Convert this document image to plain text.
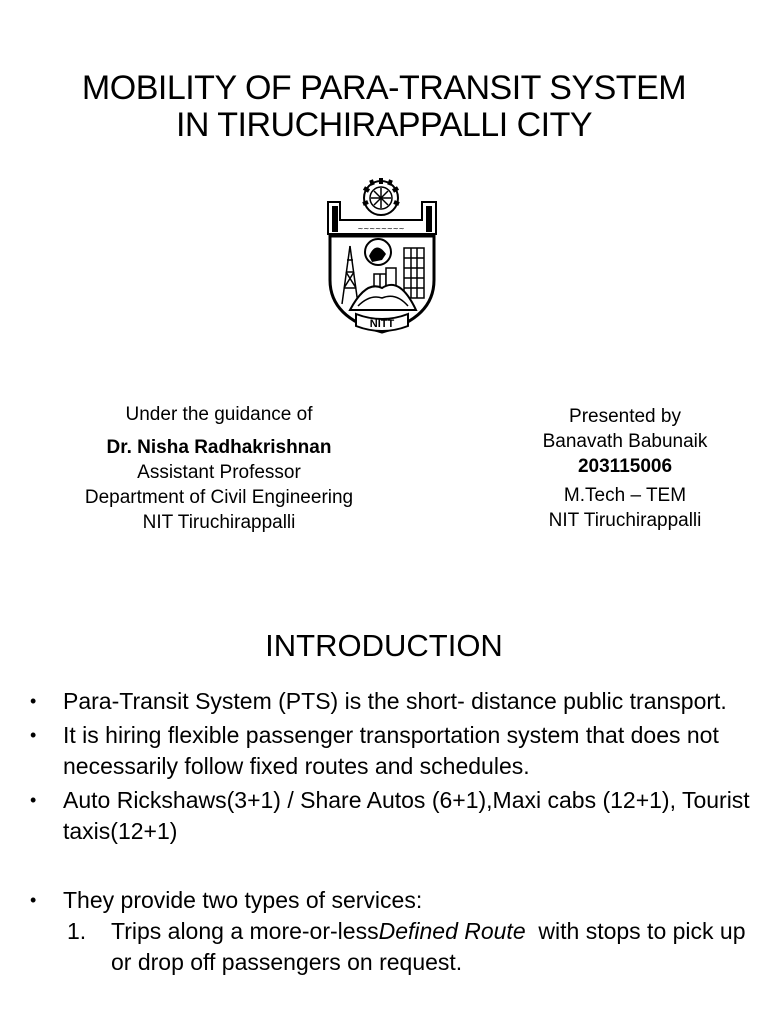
MOBILITY OF PARA-TRANSIT SYSTEM
IN TIRUCHIRAPPALLI CITY
~~~~~~~~
NITT
Under the guidance of
Dr. Nisha Radhakrishnan
Assistant Professor
Department of Civil Engineering
NIT Tiruchirappalli
Presented by
Banavath Babunaik
203115006
M.Tech – TEM
NIT Tiruchirappalli
INTRODUCTION
• Para-Transit System (PTS) is the short- distance public transport.
• It is hiring flexible passenger transportation system that does not necessarily follow fixed routes and schedules.
• Auto Rickshaws(3+1) / Share Autos (6+1),Maxi cabs (12+1), Tourist taxis(12+1)
• They provide two types of services:
1. Trips along a more-or-lessDefined Route  with stops to pick up or drop off passengers on request.
